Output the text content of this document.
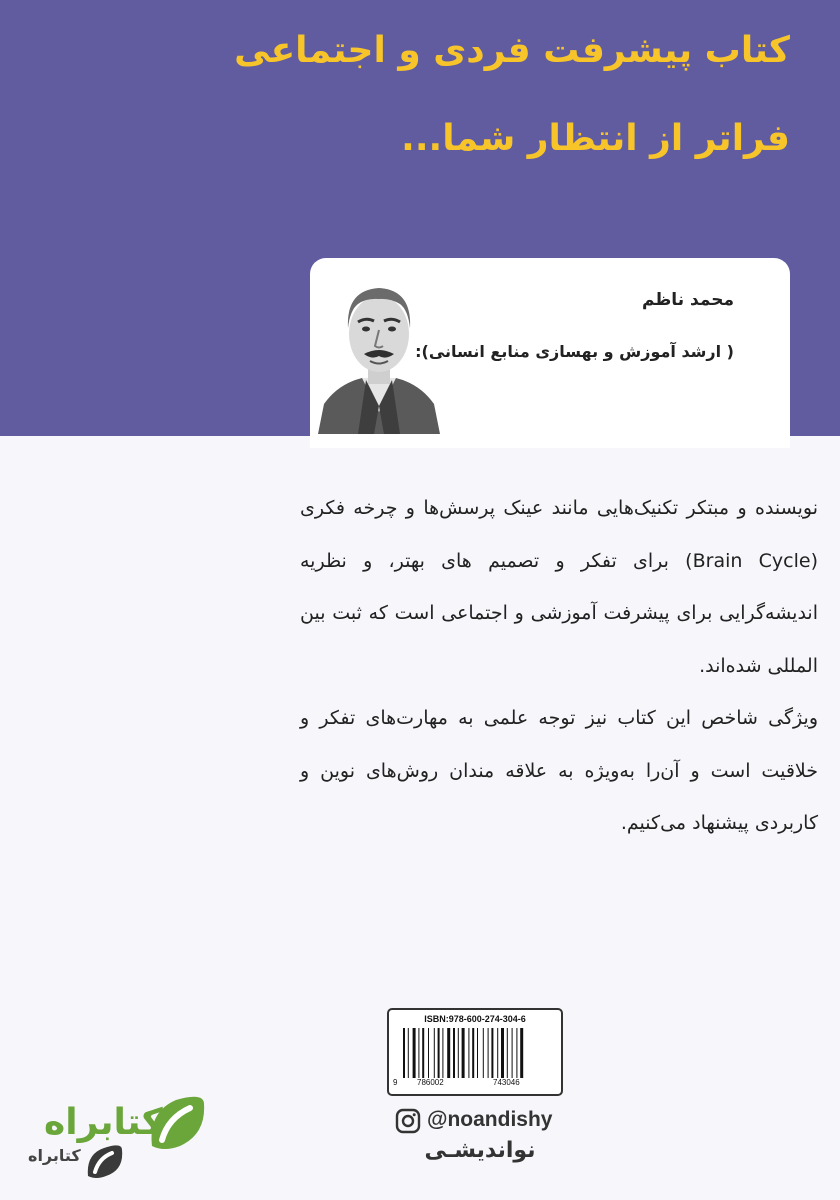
کتاب پیشرفت فردی و اجتماعی
فراتر از انتظار شما...
محمد ناظم
( ارشد آموزش و بهسازی منابع انسانی):

نویسنده و مبتکر تکنیک‌هایی مانند عینک پرسش‌ها و چرخه فکری (Brain Cycle) برای تفکر و تصمیم های بهتر، و نظریه اندیشه‌گرایی برای پیشرفت آموزشی و اجتماعی است که ثبت بین المللی شده‌اند.

ویژگی شاخص این کتاب نیز توجه علمی به مهارت‌های تفکر و خلاقیت است و آن‌را به‌ویژه به علاقه مندان روش‌های نوین و کاربردی پیشنهاد می‌کنیم.

ISBN:978-600-274-304-6
9 786002	743046
@noandishy
نواندیشـی
کتابراه
کتابراه
